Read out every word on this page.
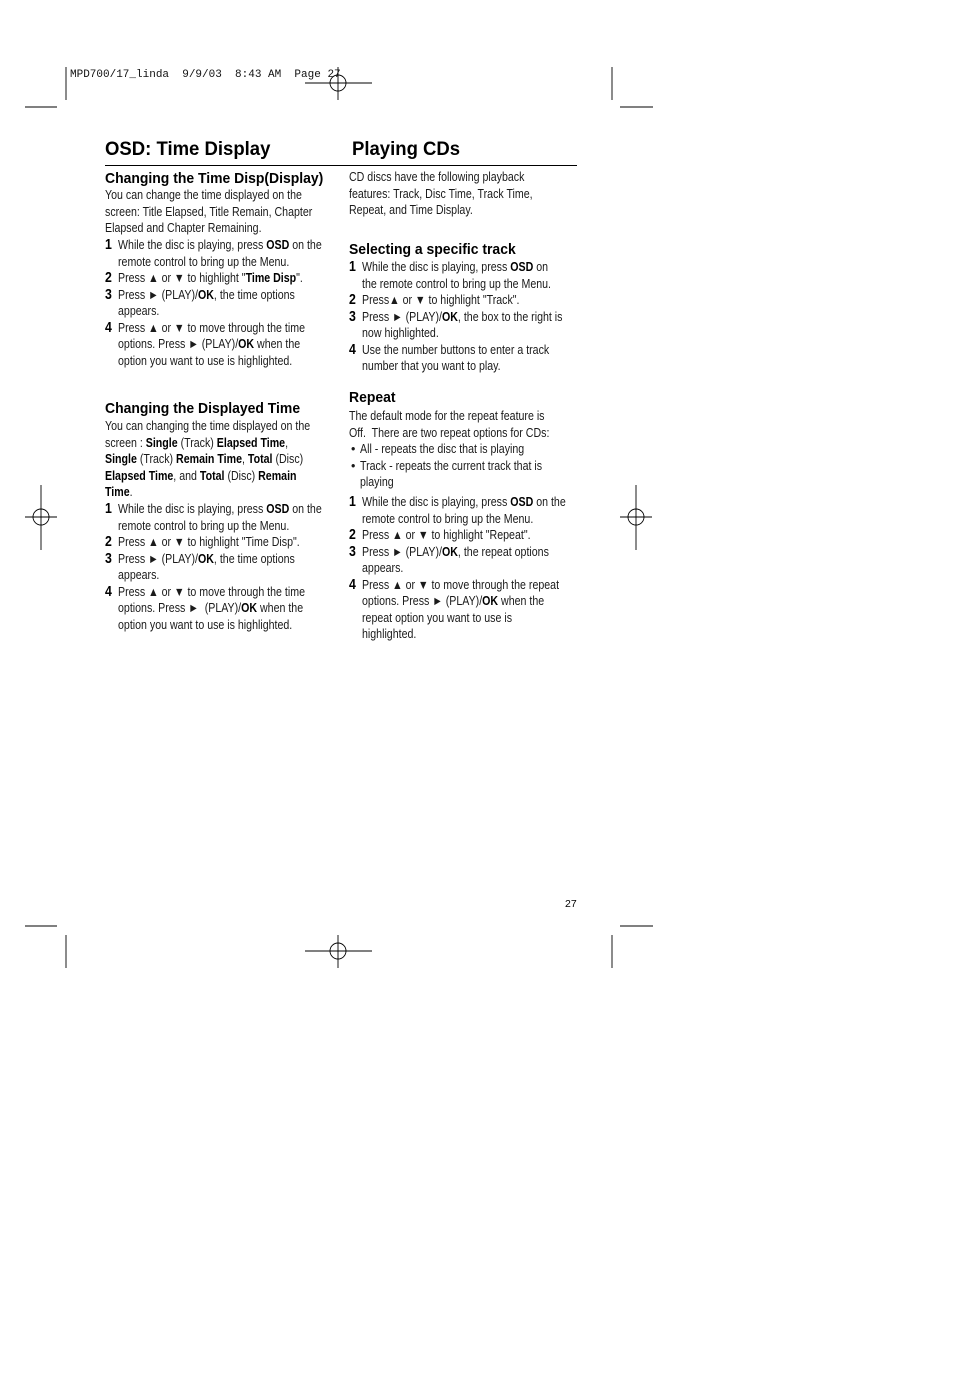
MPD700/17_linda  9/9/03  8:43 AM  Page 27
OSD: Time Display	Playing CDs
Changing the Time Disp(Display)
You can change the time displayed on the
screen: Title Elapsed, Title Remain, Chapter
Elapsed and Chapter Remaining.
1 While the disc is playing, press OSD on the
remote control to bring up the Menu.
2 Press ▲ or ▼ to highlight "Time Disp".
3 Press ► (PLAY)/OK, the time options
appears.
4 Press ▲ or ▼ to move through the time
options. Press ► (PLAY)/OK when the
option you want to use is highlighted.
Changing the Displayed Time
You can changing the time displayed on the
screen : Single (Track) Elapsed Time,
Single (Track) Remain Time, Total (Disc)
Elapsed Time, and Total (Disc) Remain
Time.
1 While the disc is playing, press OSD on the
remote control to bring up the Menu.
2 Press ▲ or ▼ to highlight "Time Disp".
3 Press ► (PLAY)/OK, the time options
appears.
4 Press ▲ or ▼ to move through the time
options. Press ►  (PLAY)/OK when the
option you want to use is highlighted.
CD discs have the following playback
features: Track, Disc Time, Track Time,
Repeat, and Time Display.
Selecting a specific track
1 While the disc is playing, press OSD on
the remote control to bring up the Menu.
2 Press▲ or ▼ to highlight "Track".
3 Press ► (PLAY)/OK, the box to the right is
now highlighted.
4 Use the number buttons to enter a track
number that you want to play.
Repeat
The default mode for the repeat feature is
Off.  There are two repeat options for CDs:
• All - repeats the disc that is playing
• Track - repeats the current track that is
playing
1 While the disc is playing, press OSD on the
remote control to bring up the Menu.
2 Press ▲ or ▼ to highlight "Repeat".
3 Press ► (PLAY)/OK, the repeat options
appears.
4 Press ▲ or ▼ to move through the repeat
options. Press ► (PLAY)/OK when the
repeat option you want to use is
highlighted.
27
